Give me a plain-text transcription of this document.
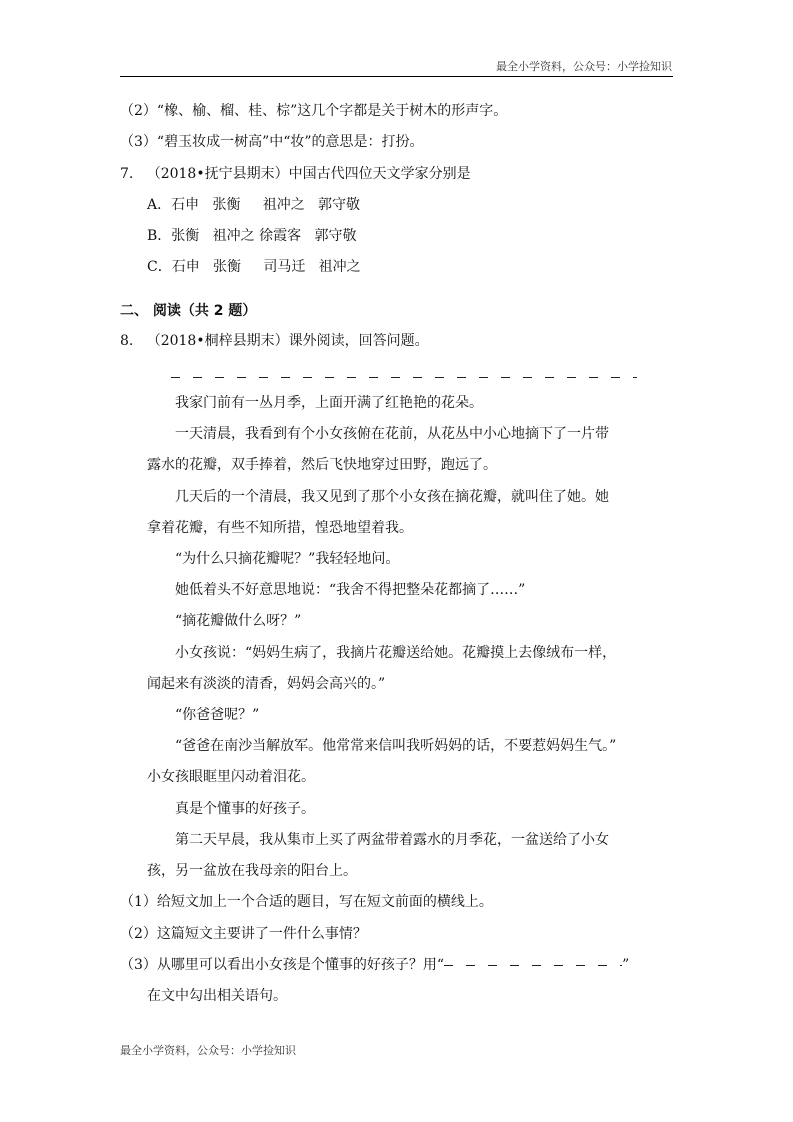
最全小学资料，公众号：小学捡知识
（2）“橡、榆、榴、桂、棕”这几个字都是关于树木的形声字。
（3）“碧玉妆成一树高”中“妆”的意思是：打扮。
7.   （2018•抚宁县期末）中国古代四位天文学家分别是
A．石申   张衡     祖冲之   郭守敬
B．张衡   祖冲之 徐霞客   郭守敬
C．石申   张衡     司马迁   祖冲之
二、 阅读（共 2 题）
8.   （2018•桐梓县期末）课外阅读，回答问题。
我家门前有一丛月季，上面开满了红艳艳的花朵。
一天清晨，我看到有个小女孩俯在花前，从花丛中小心地摘下了一片带
露水的花瓣，双手捧着，然后飞快地穿过田野，跑远了。
几天后的一个清晨，我又见到了那个小女孩在摘花瓣，就叫住了她。她
拿着花瓣，有些不知所措，惶恐地望着我。
“为什么只摘花瓣呢？”我轻轻地问。
她低着头不好意思地说：“我舍不得把整朵花都摘了……”
“摘花瓣做什么呀？”
小女孩说：“妈妈生病了，我摘片花瓣送给她。花瓣摸上去像绒布一样，
闻起来有淡淡的清香，妈妈会高兴的。”
“你爸爸呢？”
“爸爸在南沙当解放军。他常常来信叫我听妈妈的话，不要惹妈妈生气。”
小女孩眼眶里闪动着泪花。
真是个懂事的好孩子。
第二天早晨，我从集市上买了两盆带着露水的月季花，一盆送给了小女
孩，另一盆放在我母亲的阳台上。
（1）给短文加上一个合适的题目，写在短文前面的横线上。
（2）这篇短文主要讲了一件什么事情？
（3）从哪里可以看出小女孩是个懂事的好孩子？用“	”
在文中勾出相关语句。
最全小学资料，公众号：小学捡知识
